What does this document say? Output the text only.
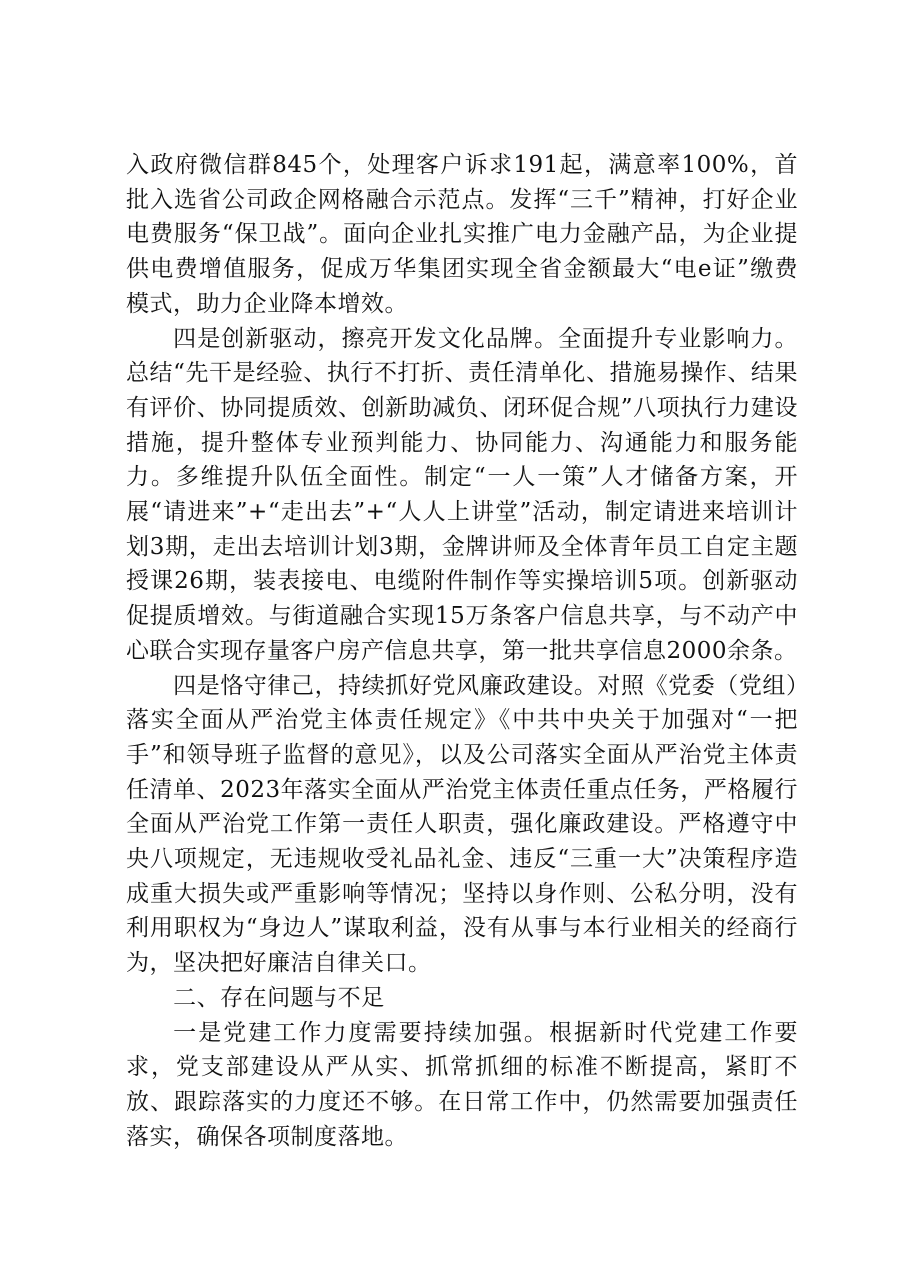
入政府微信群845个，处理客户诉求191起，满意率100%，首批入选省公司政企网格融合示范点。发挥“三千”精神，打好企业电费服务“保卫战”。面向企业扎实推广电力金融产品，为企业提供电费增值服务，促成万华集团实现全省金额最大“电e证”缴费模式，助力企业降本增效。

四是创新驱动，擦亮开发文化品牌。全面提升专业影响力。总结“先干是经验、执行不打折、责任清单化、措施易操作、结果有评价、协同提质效、创新助减负、闭环促合规”八项执行力建设措施，提升整体专业预判能力、协同能力、沟通能力和服务能力。多维提升队伍全面性。制定“一人一策”人才储备方案，开展“请进来”+“走出去”+“人人上讲堂”活动，制定请进来培训计划3期，走出去培训计划3期，金牌讲师及全体青年员工自定主题授课26期，装表接电、电缆附件制作等实操培训5项。创新驱动促提质增效。与街道融合实现15万条客户信息共享，与不动产中心联合实现存量客户房产信息共享，第一批共享信息2000余条。

四是恪守律己，持续抓好党风廉政建设。对照《党委（党组）落实全面从严治党主体责任规定》《中共中央关于加强对“一把手”和领导班子监督的意见》，以及公司落实全面从严治党主体责任清单、2023年落实全面从严治党主体责任重点任务，严格履行全面从严治党工作第一责任人职责，强化廉政建设。严格遵守中央八项规定，无违规收受礼品礼金、违反“三重一大”决策程序造成重大损失或严重影响等情况；坚持以身作则、公私分明，没有利用职权为“身边人”谋取利益，没有从事与本行业相关的经商行为，坚决把好廉洁自律关口。

二、存在问题与不足

一是党建工作力度需要持续加强。根据新时代党建工作要求，党支部建设从严从实、抓常抓细的标准不断提高，紧盯不放、跟踪落实的力度还不够。在日常工作中，仍然需要加强责任落实，确保各项制度落地。
